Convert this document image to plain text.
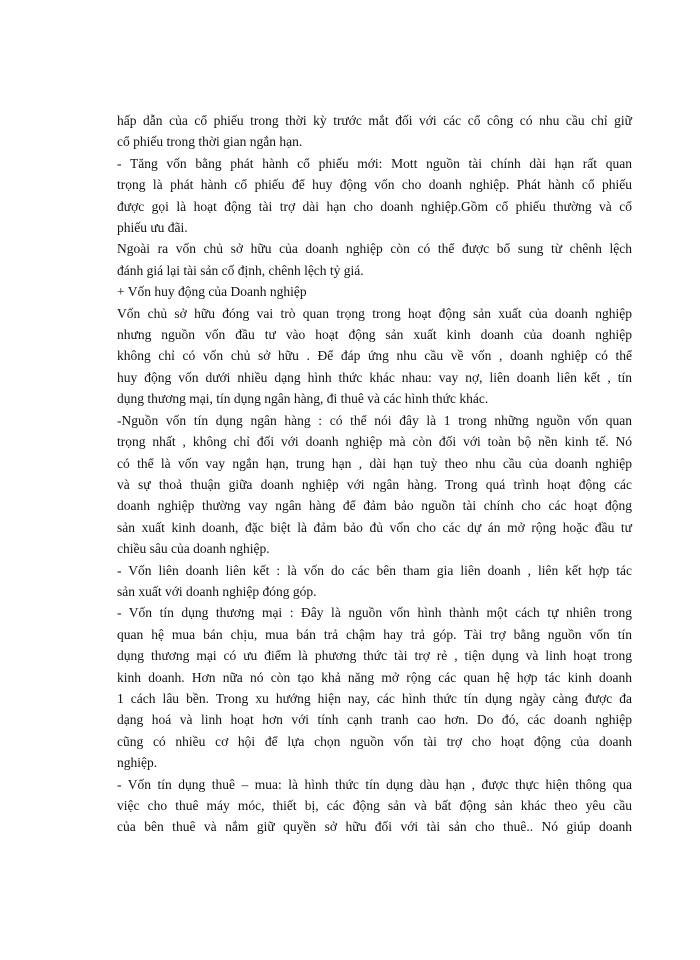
hấp dẫn của cổ phiếu trong thời kỳ trước mắt đối với các cổ công có nhu cầu chỉ giữ
cổ phiếu trong thời gian ngắn hạn.

- Tăng vốn bằng phát hành cổ phiếu mới: Mott nguồn tài chính dài hạn rất quan
trọng là phát hành cổ phiếu để huy động vốn cho doanh nghiệp. Phát hành cổ phiếu
được gọi là hoạt động tài trợ dài hạn cho doanh nghiệp.Gồm cổ phiếu thường và cổ
phiếu ưu đãi.

Ngoài ra vốn chủ sở hữu của doanh nghiệp còn có thể được bổ sung từ chênh lệch
đánh giá lại tài sản cố định, chênh lệch tỷ giá.

+ Vốn huy động của Doanh nghiệp

Vốn chủ sở hữu đóng vai trò quan trọng trong hoạt động sản xuất của doanh nghiệp
nhưng nguồn vốn đầu tư vào hoạt động sản xuất kinh doanh của doanh nghiệp
không chỉ có vốn chủ sở hữu . Để đáp ứng nhu cầu về vốn , doanh nghiệp có thể
huy động vốn dưới nhiều dạng hình thức khác nhau: vay nợ, liên doanh liên kết , tín
dụng thương mại, tín dụng ngân hàng, đi thuê và các hình thức khác.

-Nguồn vốn tín dụng ngân hàng : có thể nói đây là 1 trong những nguồn vốn quan
trọng nhất , không chỉ đối với doanh nghiệp mà còn đối với toàn bộ nền kinh tế. Nó
có thể là vốn vay ngắn hạn, trung hạn , dài hạn tuỳ theo nhu cầu của doanh nghiệp
và sự thoả thuận giữa doanh nghiệp với ngân hàng. Trong quá trình hoạt động các
doanh nghiệp thường vay ngân hàng để đảm bảo nguồn tài chính cho các hoạt động
sản xuất kinh doanh, đặc biệt là đảm bảo đủ vốn cho các dự án mở rộng hoặc đầu tư
chiều sâu của doanh nghiệp.

- Vốn liên doanh liên kết : là vốn do các bên tham gia liên doanh , liên kết hợp tác
sản xuất với doanh nghiệp đóng góp.

- Vốn tín dụng thương mại : Đây là nguồn vốn hình thành một cách tự nhiên trong
quan hệ mua bán chịu, mua bán trả chậm hay trả góp. Tài trợ bằng nguồn vốn tín
dụng thương mại có ưu điểm là phương thức tài trợ rẻ , tiện dụng và linh hoạt trong
kinh doanh. Hơn nữa nó còn tạo khả năng mở rộng các quan hệ hợp tác kinh doanh
1 cách lâu bền. Trong xu hướng hiện nay, các hình thức tín dụng ngày càng được đa
dạng hoá và linh hoạt hơn với tính cạnh tranh cao hơn. Do đó, các doanh nghiệp
cũng có nhiều cơ hội để lựa chọn nguồn vốn tài trợ cho hoạt động của doanh
nghiệp.

- Vốn tín dụng thuê – mua: là hình thức tín dụng dàu hạn , được thực hiện thông qua
việc cho thuê máy móc, thiết bị, các động sản và bất động sản khác theo yêu cầu
của bên thuê và nắm giữ quyền sở hữu đối với tài sản cho thuê.. Nó giúp doanh
